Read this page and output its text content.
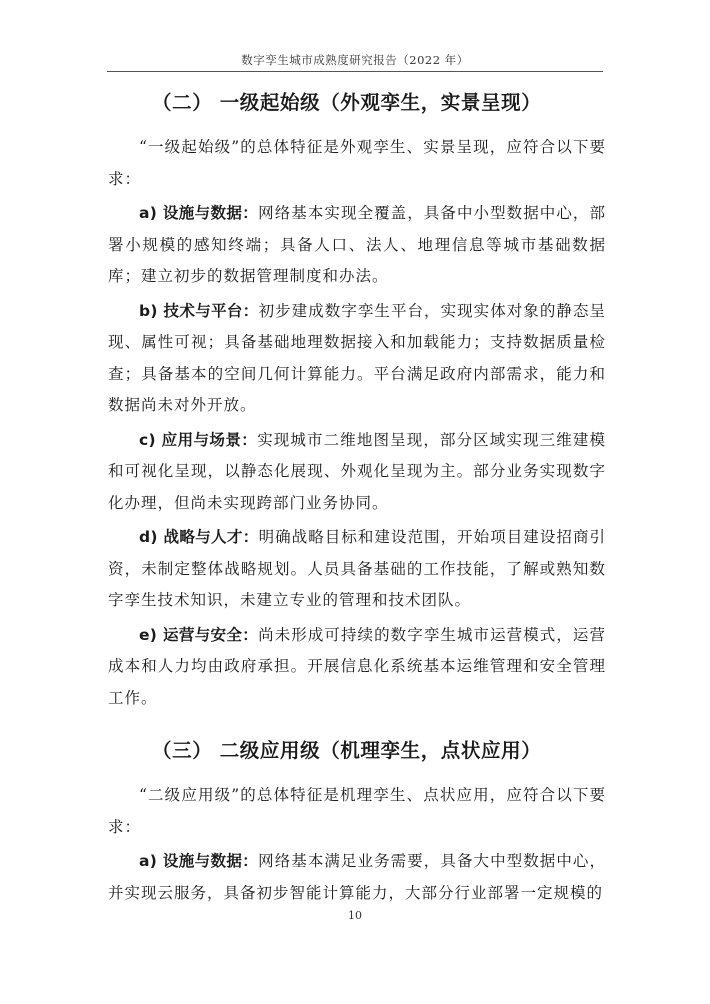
数字孪生城市成熟度研究报告（2022 年）
（二） 一级起始级（外观孪生，实景呈现）

“一级起始级”的总体特征是外观孪生、实景呈现，应符合以下要求：

a) 设施与数据：网络基本实现全覆盖，具备中小型数据中心，部署小规模的感知终端；具备人口、法人、地理信息等城市基础数据库；建立初步的数据管理制度和办法。

b) 技术与平台：初步建成数字孪生平台，实现实体对象的静态呈现、属性可视；具备基础地理数据接入和加载能力；支持数据质量检查；具备基本的空间几何计算能力。平台满足政府内部需求，能力和数据尚未对外开放。

c) 应用与场景：实现城市二维地图呈现，部分区域实现三维建模和可视化呈现，以静态化展现、外观化呈现为主。部分业务实现数字化办理，但尚未实现跨部门业务协同。

d) 战略与人才：明确战略目标和建设范围，开始项目建设招商引资，未制定整体战略规划。人员具备基础的工作技能，了解或熟知数字孪生技术知识，未建立专业的管理和技术团队。

e) 运营与安全：尚未形成可持续的数字孪生城市运营模式，运营成本和人力均由政府承担。开展信息化系统基本运维管理和安全管理工作。

（三） 二级应用级（机理孪生，点状应用）

“二级应用级”的总体特征是机理孪生、点状应用，应符合以下要求：

a) 设施与数据：网络基本满足业务需要，具备大中型数据中心，并实现云服务，具备初步智能计算能力，大部分行业部署一定规模的

10
